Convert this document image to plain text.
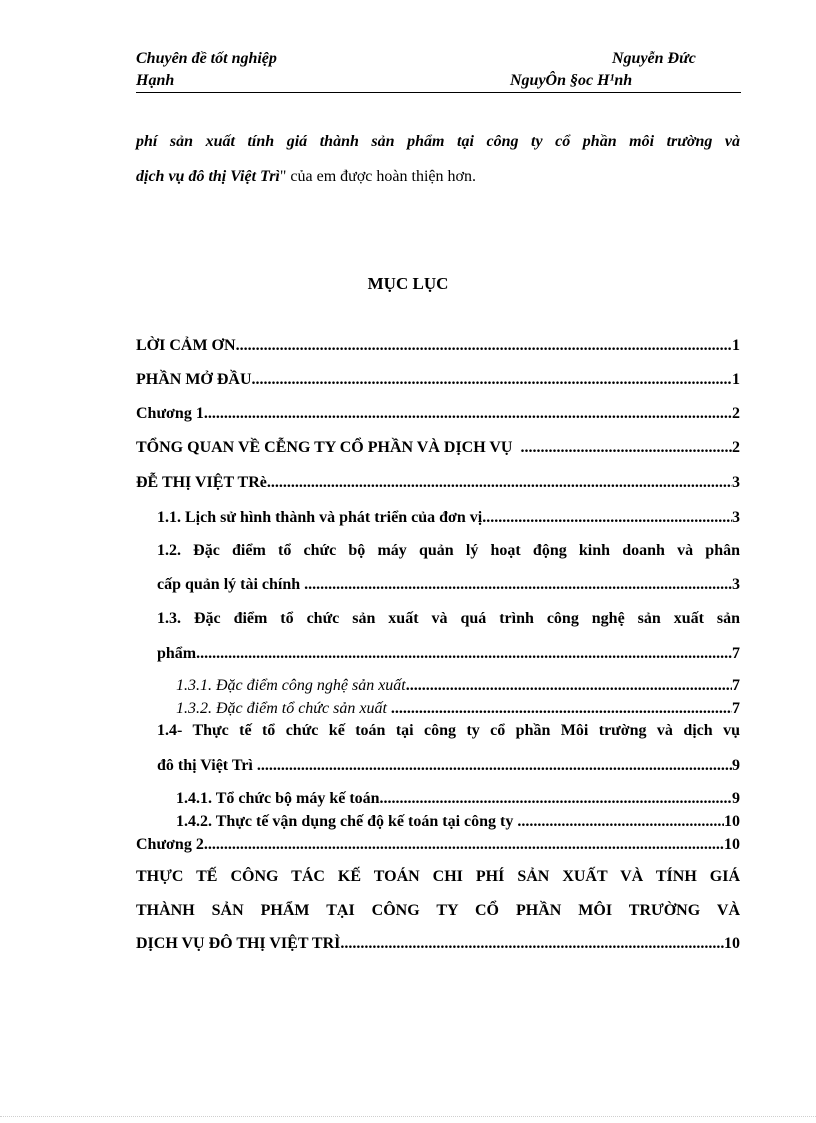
Chuyên đề tốt nghiệp	Nguyễn Đức
Hạnh	NguyÔn §oc H¹nh
phí sản xuất tính giá thành sản phẩm tại công ty cổ phần môi trường và
dịch vụ đô thị Việt Trì" của em được hoàn thiện hơn.
MỤC LỤC
LỜI CẢM ƠN .....	1
PHẦN MỞ ĐẦU .....	1
Chương 1 .....	2
TỔNG QUAN VỀ CỄNG TY CỔ PHẦN VÀ DỊCH VỤ .....	2
ĐỄ THỊ VIỆT TRè .....	3
1.1. Lịch sử hình thành và phát triển của đơn vị. .....	3
1.2. Đặc điểm tổ chức bộ máy quản lý hoạt động kinh doanh và phân
cấp quản lý tài chính .....	3
1.3. Đặc điểm tổ chức sản xuất và quá trình công nghệ sản xuất sản
phẩm .....	7
1.3.1. Đặc điểm công nghệ sản xuất .....	7
1.3.2. Đặc điểm tổ chức sản xuất .....	7
1.4- Thực tế tổ chức kế toán tại công ty cổ phần Môi trường và dịch vụ
đô thị Việt Trì .....	9
1.4.1. Tổ chức bộ máy kế toán .....	9
1.4.2. Thực tế vận dụng chế độ kế toán tại công ty .....	10
Chương 2 .....	10
THỰC TẾ CÔNG TÁC KẾ TOÁN CHI PHÍ SẢN XUẤT VÀ TÍNH GIÁ
THÀNH SẢN PHẨM TẠI CÔNG TY CỔ PHẦN MÔI TRƯỜNG VÀ
DỊCH VỤ ĐÔ THỊ VIỆT TRÌ .....	10
